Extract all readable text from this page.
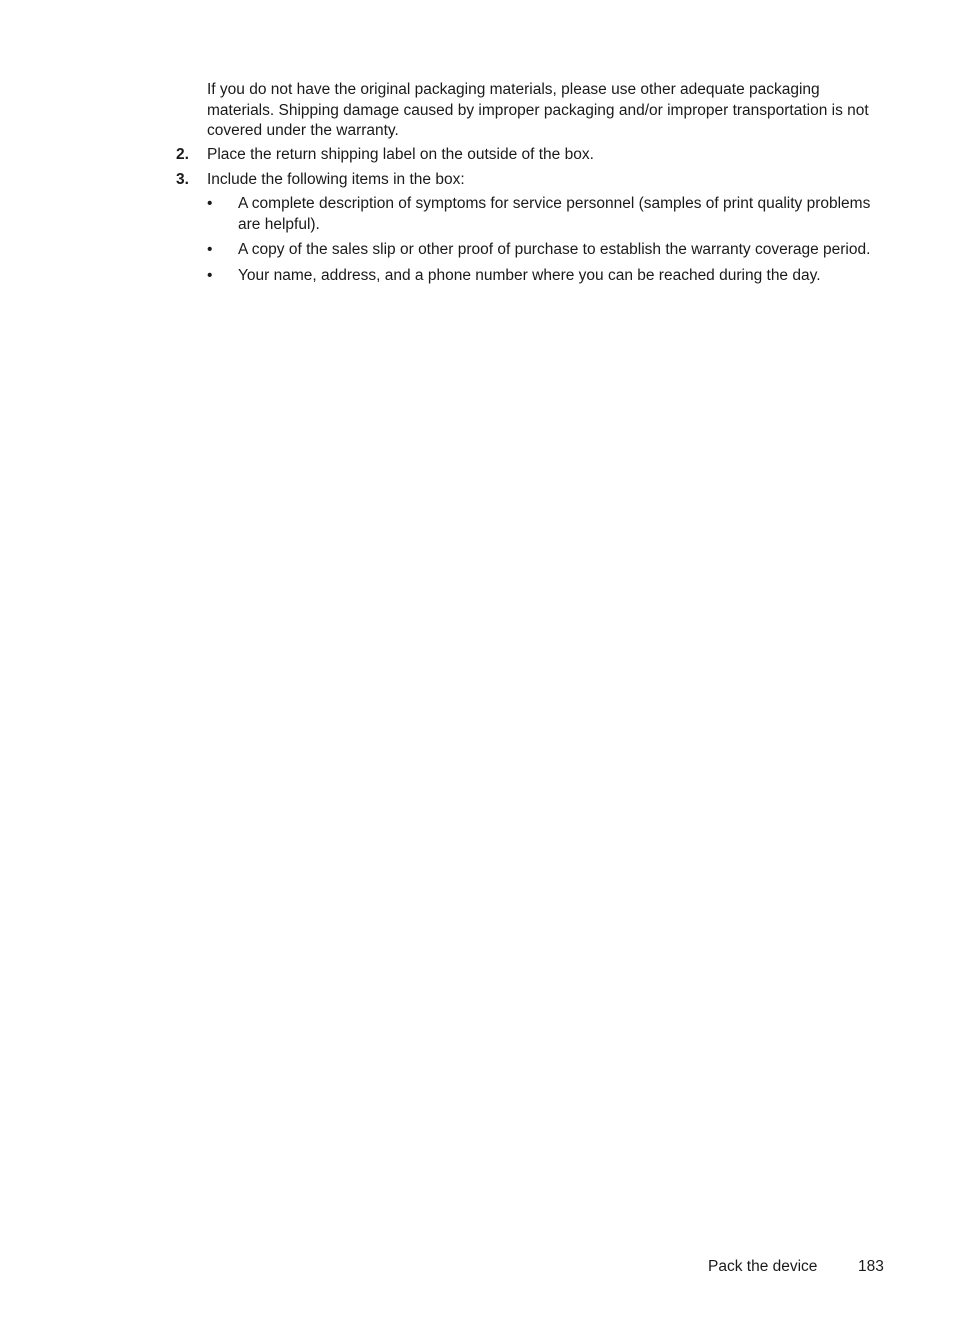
If you do not have the original packaging materials, please use other adequate packaging materials. Shipping damage caused by improper packaging and/or improper transportation is not covered under the warranty.

2. Place the return shipping label on the outside of the box.
3. Include the following items in the box:
• A complete description of symptoms for service personnel (samples of print quality problems are helpful).
• A copy of the sales slip or other proof of purchase to establish the warranty coverage period.
• Your name, address, and a phone number where you can be reached during the day.
Pack the device	183
